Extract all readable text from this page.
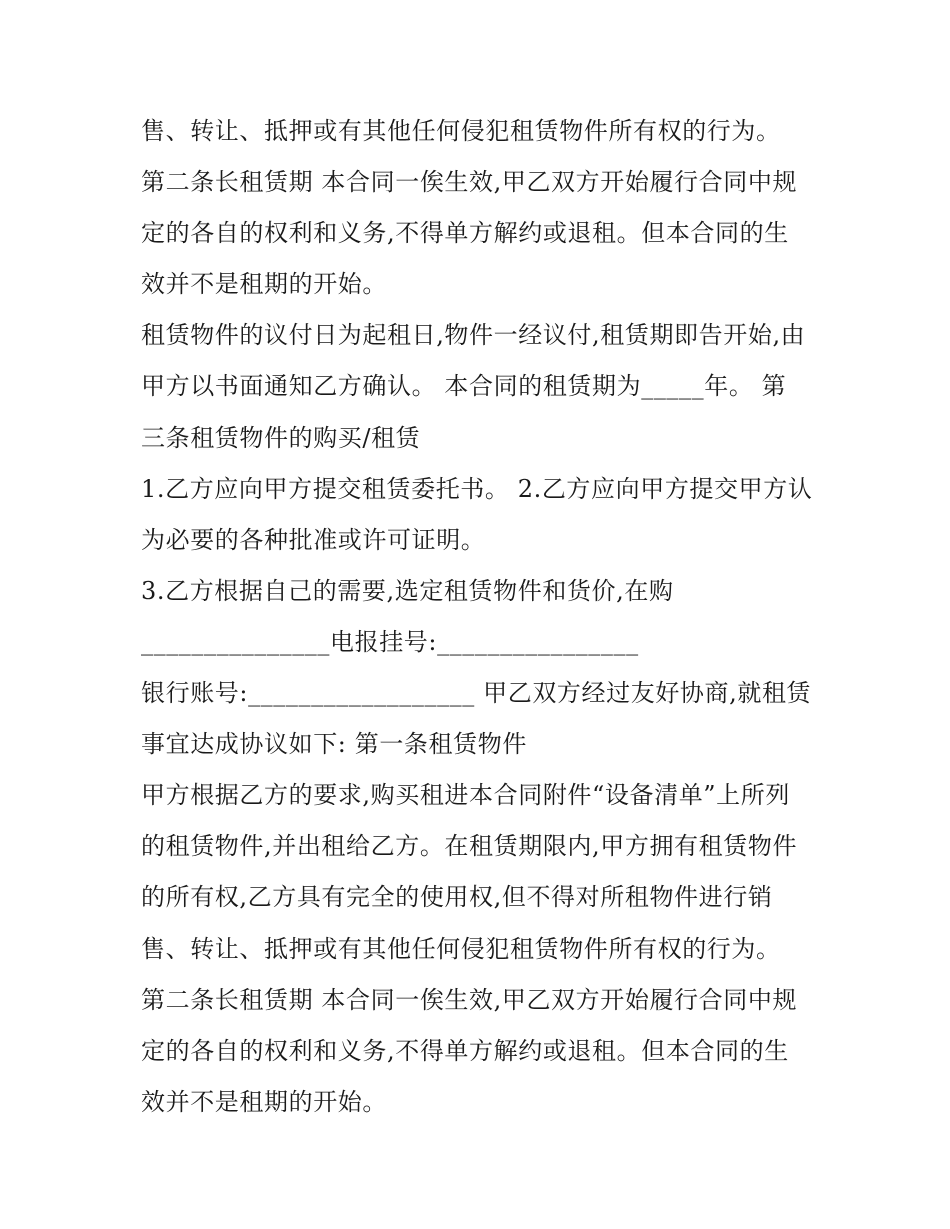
售、转让、抵押或有其他任何侵犯租赁物件所有权的行为。
第二条长租赁期 本合同一俟生效,甲乙双方开始履行合同中规
定的各自的权利和义务,不得单方解约或退租。但本合同的生
效并不是租期的开始。
租赁物件的议付日为起租日,物件一经议付,租赁期即告开始,由
甲方以书面通知乙方确认。 本合同的租赁期为_____年。 第
三条租赁物件的购买/租赁
1.乙方应向甲方提交租赁委托书。 2.乙方应向甲方提交甲方认
为必要的各种批准或许可证明。
3.乙方根据自己的需要,选定租赁物件和货价,在购
_______________电报挂号:________________
银行账号:__________________ 甲乙双方经过友好协商,就租赁
事宜达成协议如下: 第一条租赁物件
甲方根据乙方的要求,购买租进本合同附件“设备清单”上所列
的租赁物件,并出租给乙方。在租赁期限内,甲方拥有租赁物件
的所有权,乙方具有完全的使用权,但不得对所租物件进行销
售、转让、抵押或有其他任何侵犯租赁物件所有权的行为。
第二条长租赁期 本合同一俟生效,甲乙双方开始履行合同中规
定的各自的权利和义务,不得单方解约或退租。但本合同的生
效并不是租期的开始。
